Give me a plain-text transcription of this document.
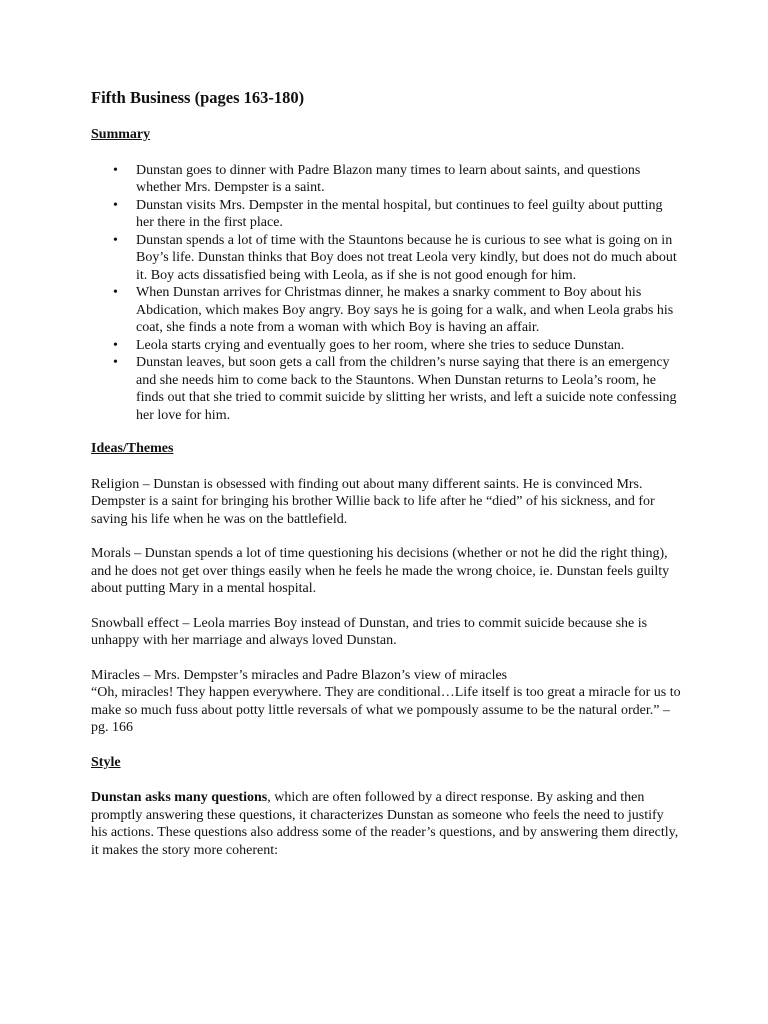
Fifth Business (pages 163-180)
Summary
• Dunstan goes to dinner with Padre Blazon many times to learn about saints, and questions whether Mrs. Dempster is a saint.
• Dunstan visits Mrs. Dempster in the mental hospital, but continues to feel guilty about putting her there in the first place.
• Dunstan spends a lot of time with the Stauntons because he is curious to see what is going on in Boy’s life. Dunstan thinks that Boy does not treat Leola very kindly, but does not do much about it. Boy acts dissatisfied being with Leola, as if she is not good enough for him.
• When Dunstan arrives for Christmas dinner, he makes a snarky comment to Boy about his Abdication, which makes Boy angry. Boy says he is going for a walk, and when Leola grabs his coat, she finds a note from a woman with which Boy is having an affair.
• Leola starts crying and eventually goes to her room, where she tries to seduce Dunstan.
• Dunstan leaves, but soon gets a call from the children’s nurse saying that there is an emergency and she needs him to come back to the Stauntons. When Dunstan returns to Leola’s room, he finds out that she tried to commit suicide by slitting her wrists, and left a suicide note confessing her love for him.
Ideas/Themes

Religion – Dunstan is obsessed with finding out about many different saints. He is convinced Mrs. Dempster is a saint for bringing his brother Willie back to life after he “died” of his sickness, and for saving his life when he was on the battlefield.

Morals – Dunstan spends a lot of time questioning his decisions (whether or not he did the right thing), and he does not get over things easily when he feels he made the wrong choice, ie. Dunstan feels guilty about putting Mary in a mental hospital.

Snowball effect – Leola marries Boy instead of Dunstan, and tries to commit suicide because she is unhappy with her marriage and always loved Dunstan.

Miracles – Mrs. Dempster’s miracles and Padre Blazon’s view of miracles
“Oh, miracles! They happen everywhere. They are conditional…Life itself is too great a miracle for us to make so much fuss about potty little reversals of what we pompously assume to be the natural order.” – pg. 166

Style

Dunstan asks many questions, which are often followed by a direct response. By asking and then promptly answering these questions, it characterizes Dunstan as someone who feels the need to justify his actions. These questions also address some of the reader’s questions, and by answering them directly, it makes the story more coherent:
